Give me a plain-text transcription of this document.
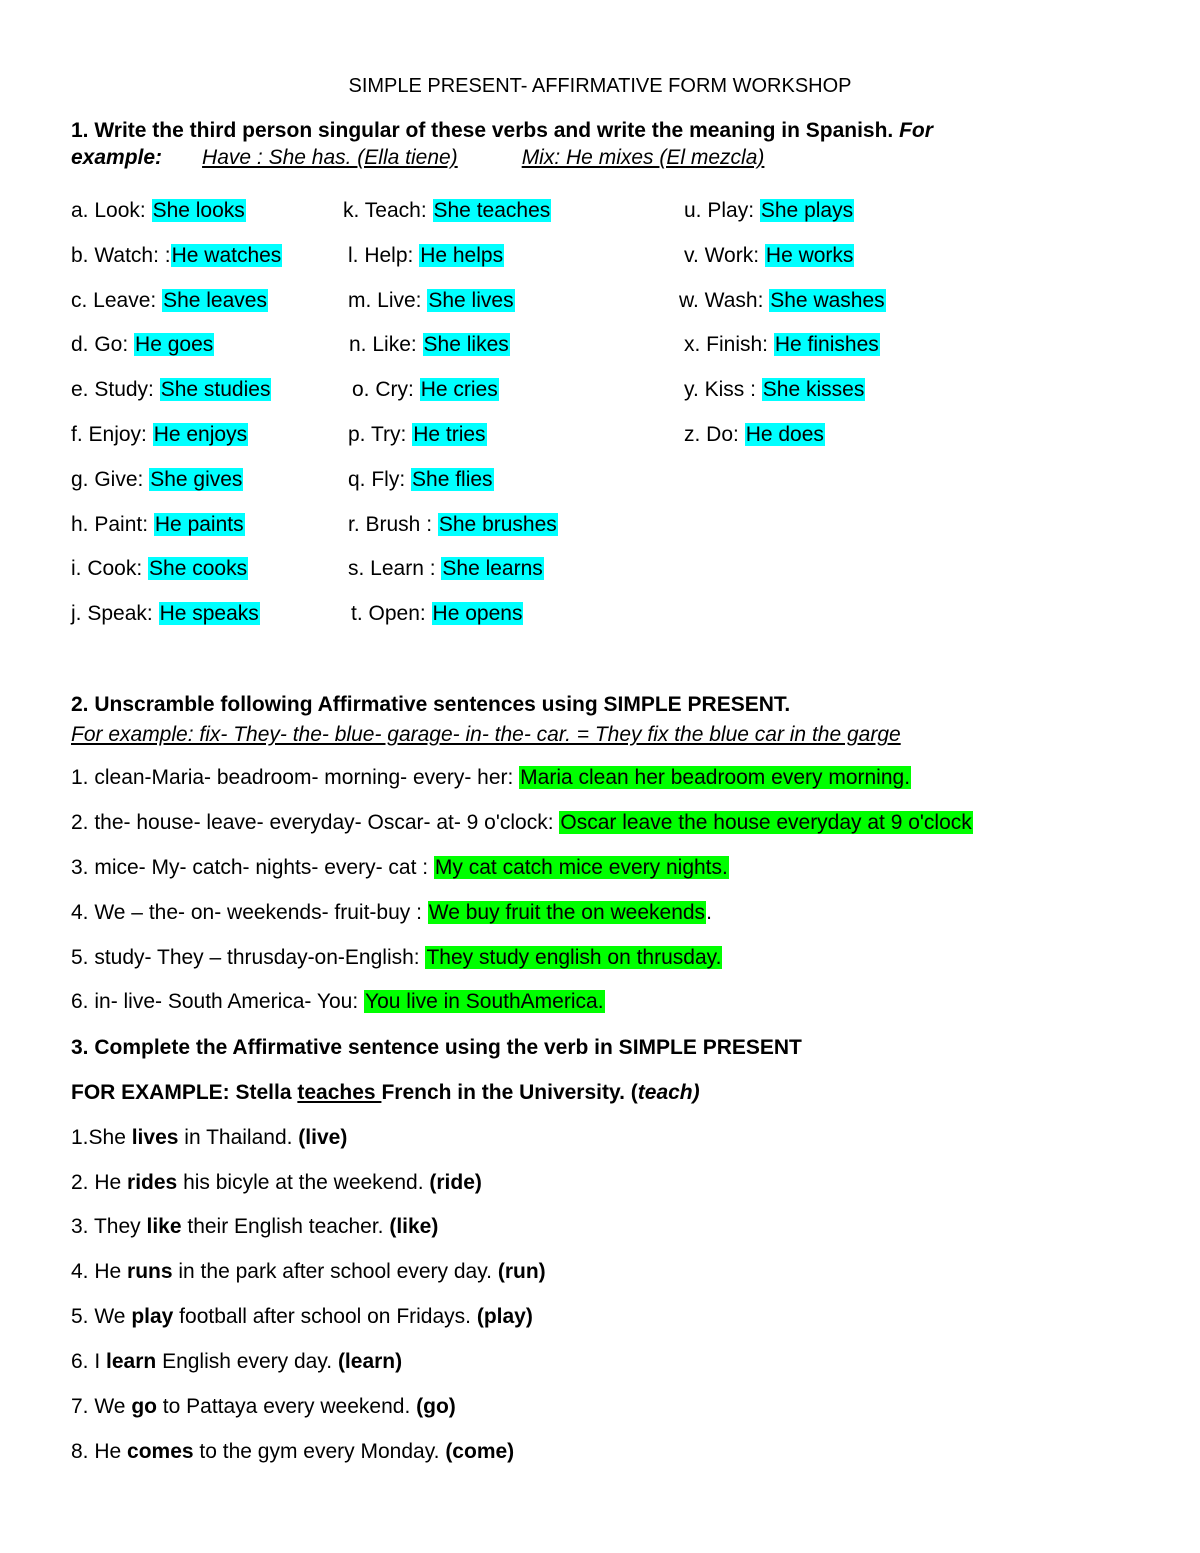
SIMPLE PRESENT- AFFIRMATIVE FORM WORKSHOP
1. Write the third person singular of these verbs and write the meaning in Spanish. For
example: Have : She has. (Ella tiene)	Mix: He mixes (El mezcla)
a. Look: She looks
b. Watch: :He watches
c. Leave: She leaves
d. Go: He goes
e. Study: She studies
f. Enjoy: He enjoys
g. Give: She gives
h. Paint: He paints
i. Cook: She cooks
j. Speak: He speaks
k. Teach: She teaches
l. Help: He helps
m. Live: She lives
n. Like: She likes
o. Cry: He cries
p. Try: He tries
q. Fly: She flies
r. Brush : She brushes
s. Learn : She learns
t. Open: He opens
u. Play: She plays
v. Work: He works
w. Wash: She washes
x. Finish: He finishes
y. Kiss : She kisses
z. Do: He does
2. Unscramble following Affirmative sentences using SIMPLE PRESENT.
For example: fix- They- the- blue- garage- in- the- car. = They fix the blue car in the garge
1. clean-Maria- beadroom- morning- every- her: Maria clean her beadroom every morning.
2. the- house- leave- everyday- Oscar- at- 9 o'clock: Oscar leave the house everyday at 9 o'clock
3. mice- My- catch- nights- every- cat : My cat catch mice every nights.
4. We – the- on- weekends- fruit-buy : We buy fruit the on weekends.
5. study- They – thrusday-on-English: They study english on thrusday.
6. in- live- South America- You: You live in SouthAmerica.
3. Complete the Affirmative sentence using the verb in SIMPLE PRESENT
FOR EXAMPLE: Stella teaches French in the University. (teach)
1.She lives in Thailand. (live)
2. He rides his bicyle at the weekend. (ride)
3. They like their English teacher. (like)
4. He runs in the park after school every day. (run)
5. We play football after school on Fridays. (play)
6. I learn English every day. (learn)
7. We go to Pattaya every weekend. (go)
8. He comes to the gym every Monday. (come)
